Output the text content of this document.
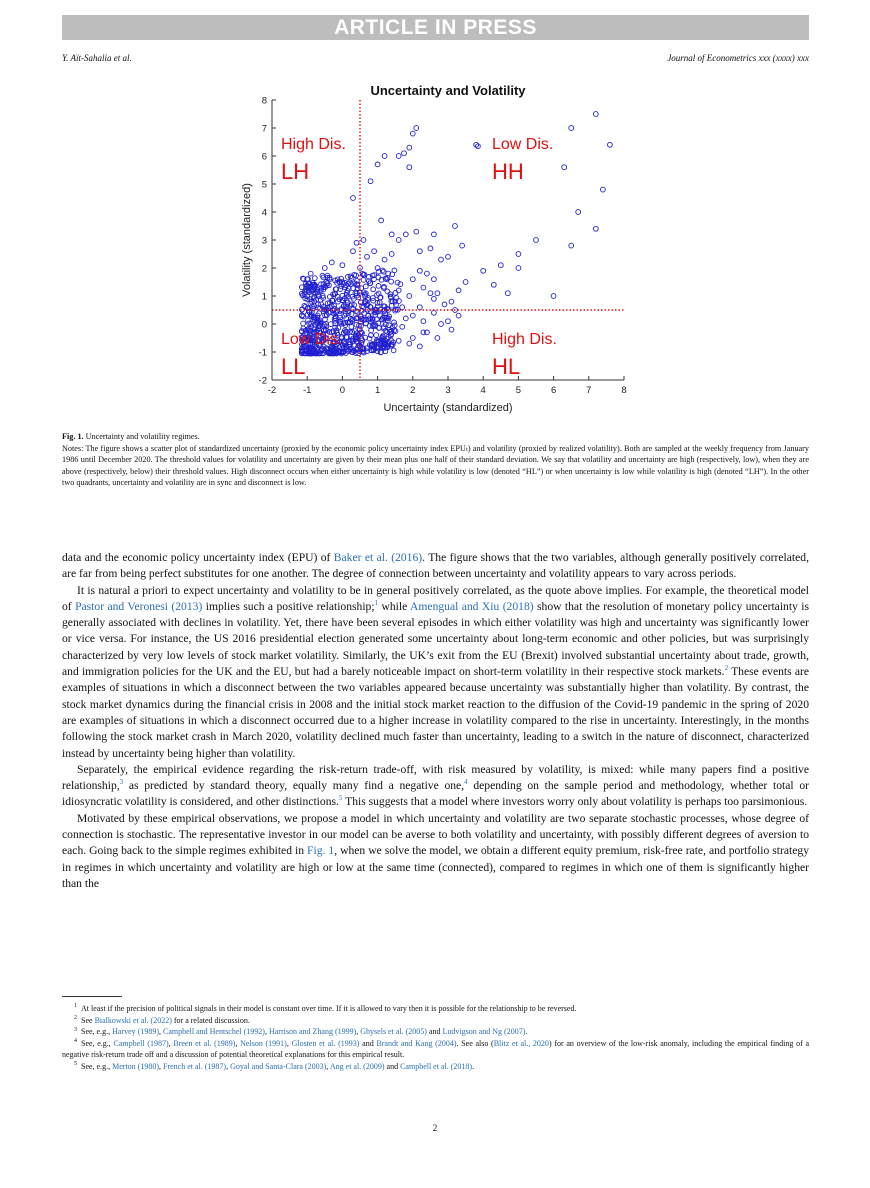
ARTICLE IN PRESS
Y. Aït-Sahalia et al.	Journal of Econometrics xxx (xxxx) xxx
Uncertainty and Volatility
-2	-1	0	1	2	3	4	5	6	7	8
-2
-1
0
1
2
3
4
5
6
7
8
Uncertainty (standardized)
Volatility (standardized)
High Dis.
LH
Low Dis.
HH
Low Dis.
LL
High Dis.
HL

Fig. 1. Uncertainty and volatility regimes.

Notes: The figure shows a scatter plot of standardized uncertainty (proxied by the economic policy uncertainty index EPUₜ) and volatility (proxied by realized volatility). Both are sampled at the weekly frequency from January 1986 until December 2020. The threshold values for volatility and uncertainty are given by their mean plus one half of their standard deviation. We say that volatility and uncertainty are high (respectively, low), when they are above (respectively, below) their threshold values. High disconnect occurs when either uncertainty is high while volatility is low (denoted “HL”) or when uncertainty is low while volatility is high (denoted “LH”). In the other two quadrants, uncertainty and volatility are in sync and disconnect is low.

data and the economic policy uncertainty index (EPU) of Baker et al. (2016). The figure shows that the two variables, although generally positively correlated, are far from being perfect substitutes for one another. The degree of connection between uncertainty and volatility appears to vary across periods.

It is natural a priori to expect uncertainty and volatility to be in general positively correlated, as the quote above implies. For example, the theoretical model of Pastor and Veronesi (2013) implies such a positive relationship;$^1$ while Amengual and Xiu (2018) show that the resolution of monetary policy uncertainty is generally associated with declines in volatility. Yet, there have been several episodes in which either volatility was high and uncertainty was significantly lower or vice versa. For instance, the US 2016 presidential election generated some uncertainty about long-term economic and other policies, but was surprisingly characterized by very low levels of stock market volatility. Similarly, the UK’s exit from the EU (Brexit) involved substantial uncertainty about trade, growth, and immigration policies for the UK and the EU, but had a barely noticeable impact on short-term volatility in their respective stock markets.$^2$ These events are examples of situations in which a disconnect between the two variables appeared because uncertainty was substantially higher than volatility. By contrast, the stock market dynamics during the financial crisis in 2008 and the initial stock market reaction to the diffusion of the Covid-19 pandemic in the spring of 2020 are examples of situations in which a disconnect occurred due to a higher increase in volatility compared to the rise in uncertainty. Interestingly, in the months following the stock market crash in March 2020, volatility declined much faster than uncertainty, leading to a switch in the nature of disconnect, characterized instead by uncertainty being higher than volatility.

Separately, the empirical evidence regarding the risk-return trade-off, with risk measured by volatility, is mixed: while many papers find a positive relationship,$^3$ as predicted by standard theory, equally many find a negative one,$^4$ depending on the sample period and methodology, whether total or idiosyncratic volatility is considered, and other distinctions.$^5$ This suggests that a model where investors worry only about volatility is perhaps too parsimonious.

Motivated by these empirical observations, we propose a model in which uncertainty and volatility are two separate stochastic processes, whose degree of connection is stochastic. The representative investor in our model can be averse to both volatility and uncertainty, with possibly different degrees of aversion to each. Going back to the simple regimes exhibited in Fig. 1, when we solve the model, we obtain a different equity premium, risk-free rate, and portfolio strategy in regimes in which uncertainty and volatility are high or low at the same time (connected), compared to regimes in which one of them is significantly higher than the

$^1$ At least if the precision of political signals in their model is constant over time. If it is allowed to vary then it is possible for the relationship to be reversed.
$^2$ See Bialkowski et al. (2022) for a related discussion.
$^3$ See, e.g., Harvey (1989), Campbell and Hentschel (1992), Harrison and Zhang (1999), Ghysels et al. (2005) and Ludvigson and Ng (2007).
$^4$ See, e.g., Campbell (1987), Breen et al. (1989), Nelson (1991), Glosten et al. (1993) and Brandt and Kang (2004). See also (Blitz et al., 2020) for an overview of the low-risk anomaly, including the empirical finding of a negative risk-return trade off and a discussion of potential theoretical explanations for this empirical result.
$^5$ See, e.g., Merton (1980), French et al. (1987), Goyal and Santa-Clara (2003), Ang et al. (2009) and Campbell et al. (2018).
2
